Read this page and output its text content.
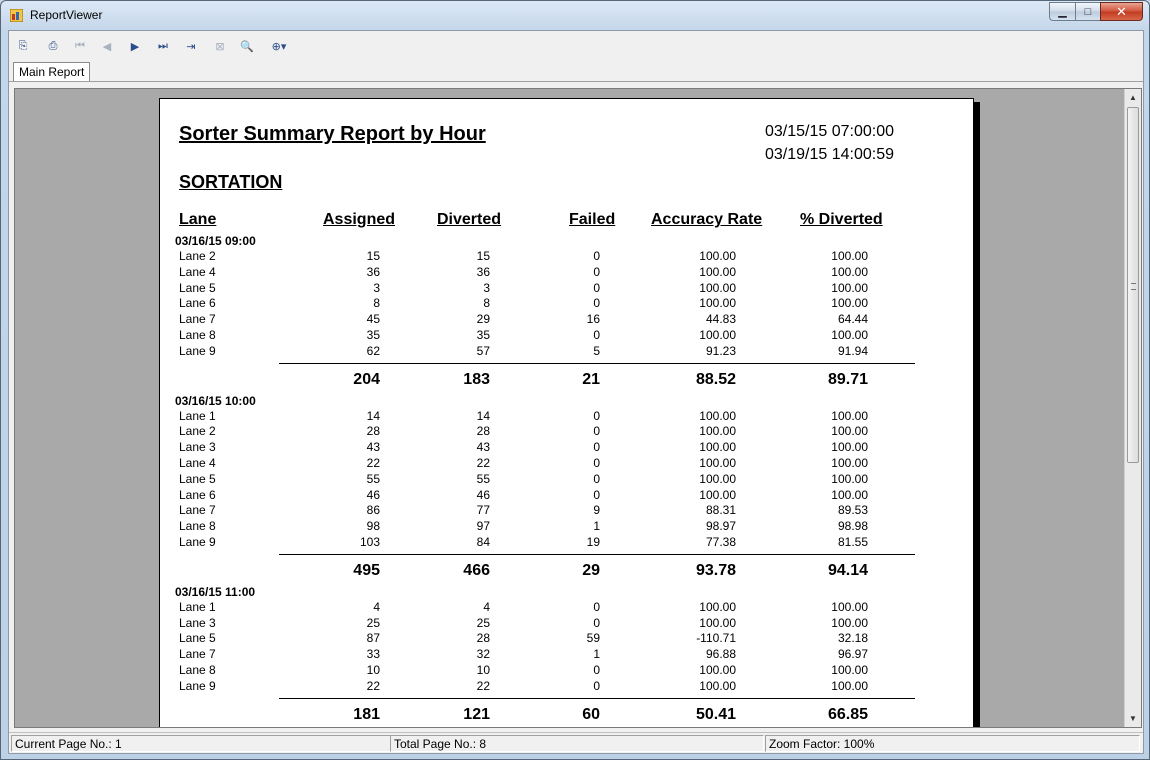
ReportViewer	▁ □ ✕
⎘ ⎙ ⏮ ◀ ▶ ⏭ ⇥ ⊠ 🔍 ⊕▾
Main Report
Sorter Summary Report by Hour	03/15/15 07:00:00
03/19/15 14:00:59
SORTATION
Lane	Assigned	Diverted	Failed Accuracy Rate % Diverted
03/16/15 09:00
Lane 2	15	15	0	100.00	100.00
Lane 4	36	36	0	100.00	100.00
Lane 5	3	3	0	100.00	100.00
Lane 6	8	8	0	100.00	100.00
Lane 7	45	29	16	44.83	64.44
Lane 8	35	35	0	100.00	100.00
Lane 9	62	57	5	91.23	91.94
204	183	21	88.52	89.71
03/16/15 10:00
Lane 1	14	14	0	100.00	100.00
Lane 2	28	28	0	100.00	100.00
Lane 3	43	43	0	100.00	100.00
Lane 4	22	22	0	100.00	100.00
Lane 5	55	55	0	100.00	100.00
Lane 6	46	46	0	100.00	100.00
Lane 7	86	77	9	88.31	89.53
Lane 8	98	97	1	98.97	98.98
Lane 9	103	84	19	77.38	81.55
495	466	29	93.78	94.14
03/16/15 11:00
Lane 1	4	4	0	100.00	100.00
Lane 3	25	25	0	100.00	100.00
Lane 5	87	28	59	-110.71	32.18
Lane 7	33	32	1	96.88	96.97
Lane 8	10	10	0	100.00	100.00
Lane 9	22	22	0	100.00	100.00
181	121	60	50.41	66.85
▲
▼
Current Page No.: 1	Total Page No.: 8	Zoom Factor: 100%
